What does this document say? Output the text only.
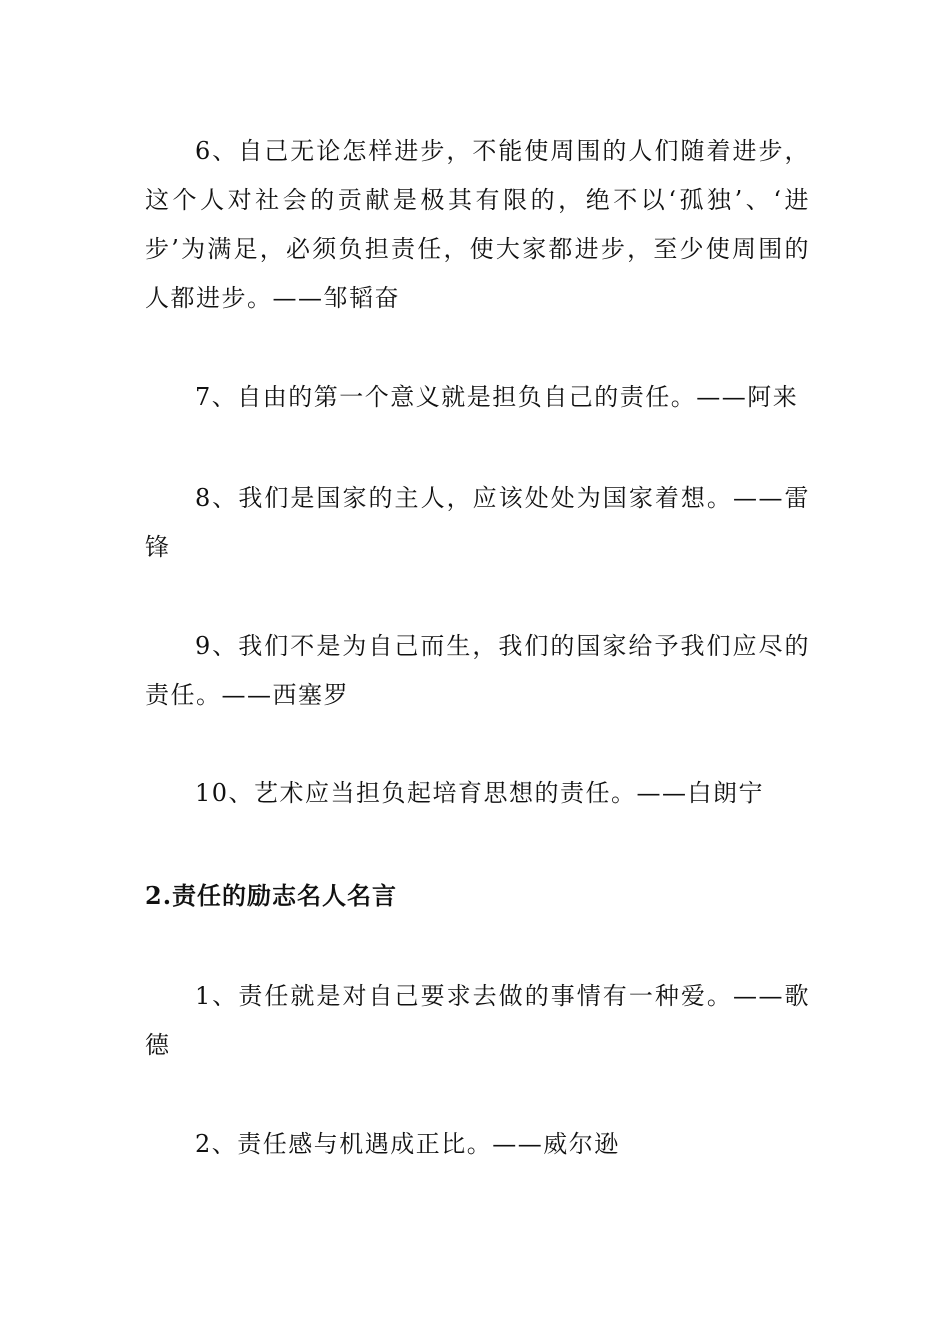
6、自己无论怎样进步，不能使周围的人们随着进步，这个人对社会的贡献是极其有限的，绝不以‘孤独’、‘进步’为满足，必须负担责任，使大家都进步，至少使周围的人都进步。——邹韬奋

7、自由的第一个意义就是担负自己的责任。——阿来

8、我们是国家的主人，应该处处为国家着想。——雷锋

9、我们不是为自己而生，我们的国家给予我们应尽的责任。——西塞罗

10、艺术应当担负起培育思想的责任。——白朗宁

2.责任的励志名人名言

1、责任就是对自己要求去做的事情有一种爱。——歌德

2、责任感与机遇成正比。——威尔逊
